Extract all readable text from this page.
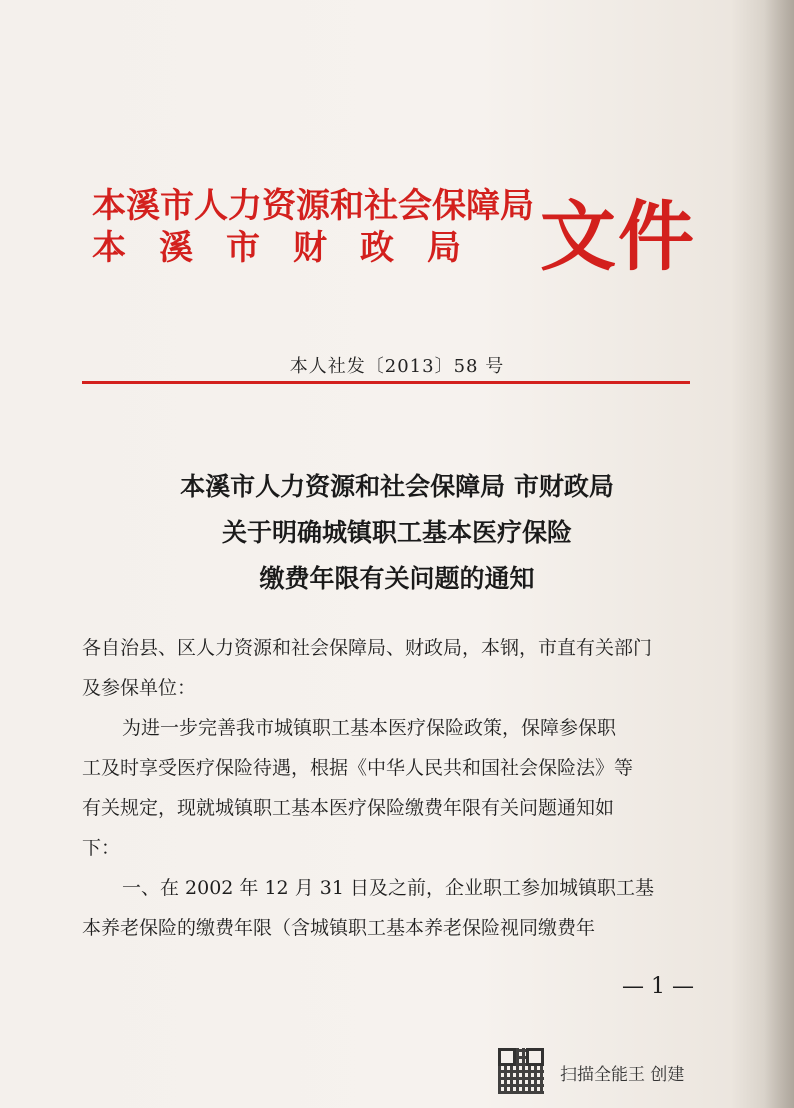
本溪市人力资源和社会保障局
本溪市财政局 文件
本人社发〔2013〕58 号
本溪市人力资源和社会保障局 市财政局
关于明确城镇职工基本医疗保险
缴费年限有关问题的通知
各自治县、区人力资源和社会保障局、财政局，本钢，市直有关部门
及参保单位：
为进一步完善我市城镇职工基本医疗保险政策，保障参保职
工及时享受医疗保险待遇，根据《中华人民共和国社会保险法》等
有关规定，现就城镇职工基本医疗保险缴费年限有关问题通知如
下：
一、在 2002 年 12 月 31 日及之前，企业职工参加城镇职工基
本养老保险的缴费年限（含城镇职工基本养老保险视同缴费年
— 1 —
扫描全能王 创建
